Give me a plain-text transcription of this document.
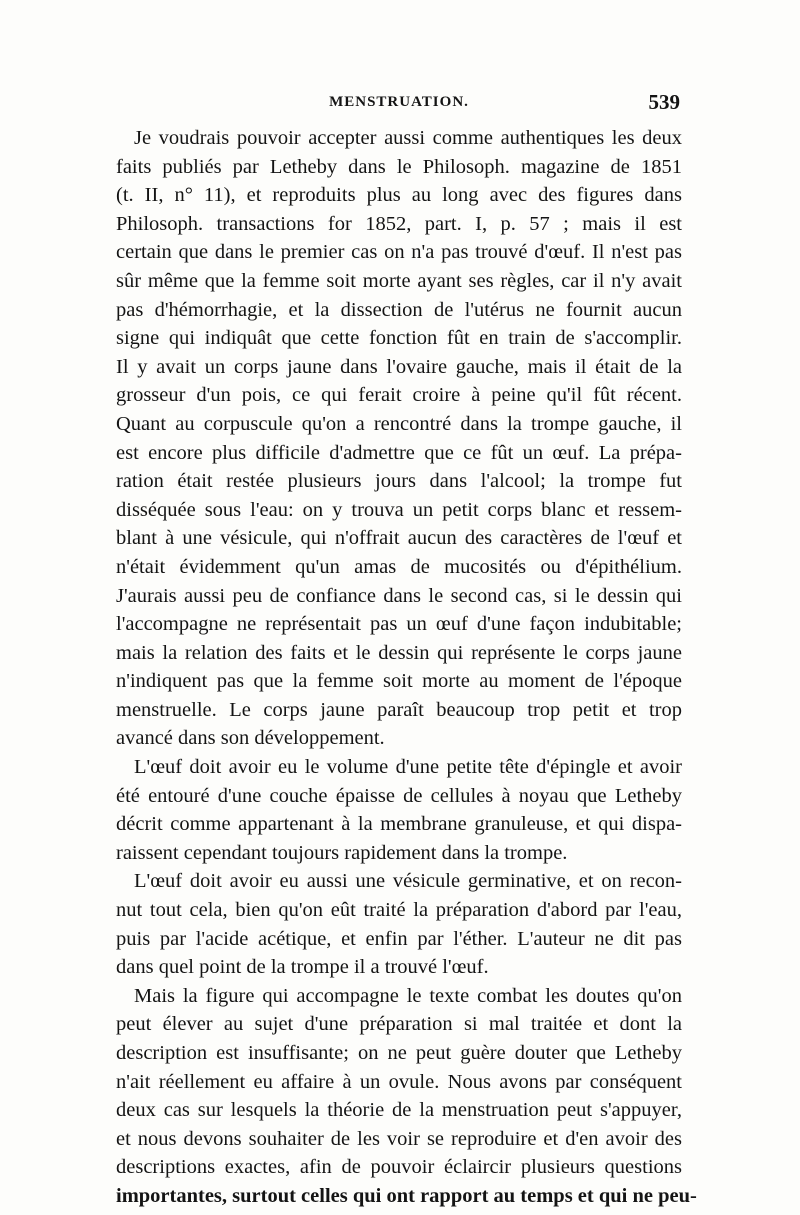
MENSTRUATION.	539
Je voudrais pouvoir accepter aussi comme authentiques les deux
faits publiés par Letheby dans le Philosoph. magazine de 1851
(t. II, n° 11), et reproduits plus au long avec des figures dans
Philosoph. transactions for 1852, part. I, p. 57 ; mais il est
certain que dans le premier cas on n'a pas trouvé d'œuf. Il n'est pas
sûr même que la femme soit morte ayant ses règles, car il n'y avait
pas d'hémorrhagie, et la dissection de l'utérus ne fournit aucun
signe qui indiquât que cette fonction fût en train de s'accomplir.
Il y avait un corps jaune dans l'ovaire gauche, mais il était de la
grosseur d'un pois, ce qui ferait croire à peine qu'il fût récent.
Quant au corpuscule qu'on a rencontré dans la trompe gauche, il
est encore plus difficile d'admettre que ce fût un œuf. La prépa-
ration était restée plusieurs jours dans l'alcool; la trompe fut
disséquée sous l'eau: on y trouva un petit corps blanc et ressem-
blant à une vésicule, qui n'offrait aucun des caractères de l'œuf et
n'était évidemment qu'un amas de mucosités ou d'épithélium.
J'aurais aussi peu de confiance dans le second cas, si le dessin qui
l'accompagne ne représentait pas un œuf d'une façon indubitable;
mais la relation des faits et le dessin qui représente le corps jaune
n'indiquent pas que la femme soit morte au moment de l'époque
menstruelle. Le corps jaune paraît beaucoup trop petit et trop
avancé dans son développement.
L'œuf doit avoir eu le volume d'une petite tête d'épingle et avoir
été entouré d'une couche épaisse de cellules à noyau que Letheby
décrit comme appartenant à la membrane granuleuse, et qui dispa-
raissent cependant toujours rapidement dans la trompe.
L'œuf doit avoir eu aussi une vésicule germinative, et on recon-
nut tout cela, bien qu'on eût traité la préparation d'abord par l'eau,
puis par l'acide acétique, et enfin par l'éther. L'auteur ne dit pas
dans quel point de la trompe il a trouvé l'œuf.
Mais la figure qui accompagne le texte combat les doutes qu'on
peut élever au sujet d'une préparation si mal traitée et dont la
description est insuffisante; on ne peut guère douter que Letheby
n'ait réellement eu affaire à un ovule. Nous avons par conséquent
deux cas sur lesquels la théorie de la menstruation peut s'appuyer,
et nous devons souhaiter de les voir se reproduire et d'en avoir des
descriptions exactes, afin de pouvoir éclaircir plusieurs questions
importantes, surtout celles qui ont rapport au temps et qui ne peu-
